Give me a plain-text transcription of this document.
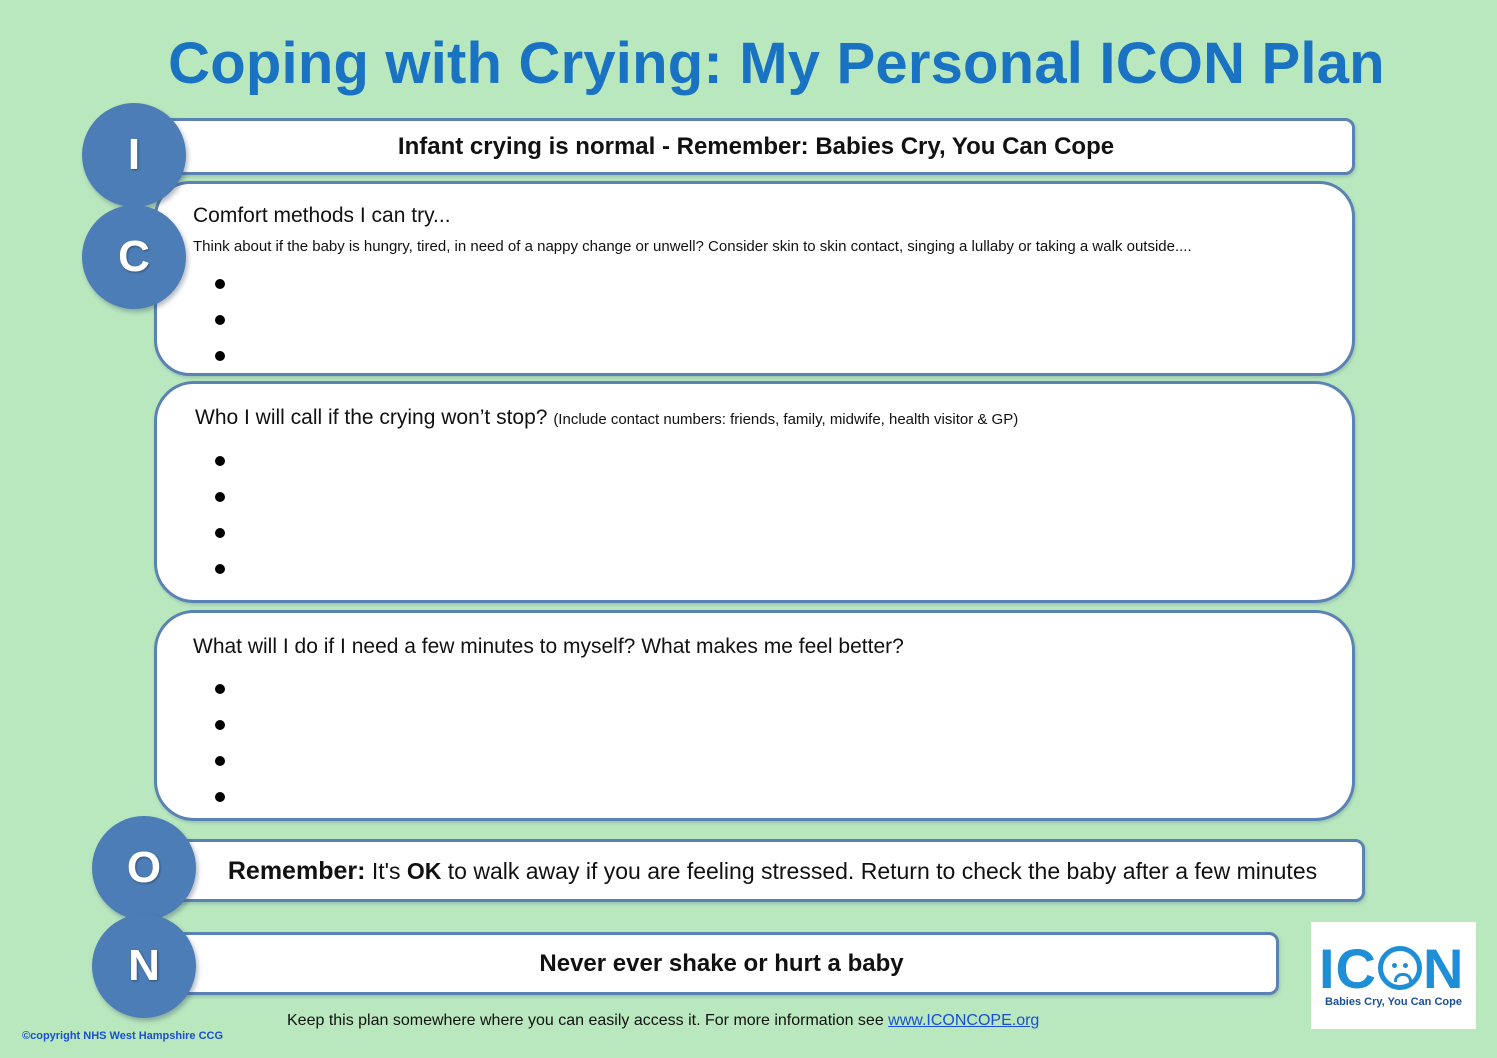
Coping with Crying: My Personal ICON Plan
I	Infant crying is normal - Remember: Babies Cry, You Can Cope
C
Comfort methods I can try...
Think about if the baby is hungry, tired, in need of a nappy change or unwell? Consider skin to skin contact, singing a lullaby or taking a walk outside....
Who I will call if the crying won’t stop? (Include contact numbers: friends, family, midwife, health visitor & GP)
What will I do if I need a few minutes to myself? What makes me feel better?
O	Remember: It's OK to walk away if you are feeling stressed. Return to check the baby after a few minutes
N	Never ever shake or hurt a baby	IC N
Babies Cry, You Can Cope
Keep this plan somewhere where you can easily access it. For more information see www.ICONCOPE.org
©copyright NHS West Hampshire CCG
